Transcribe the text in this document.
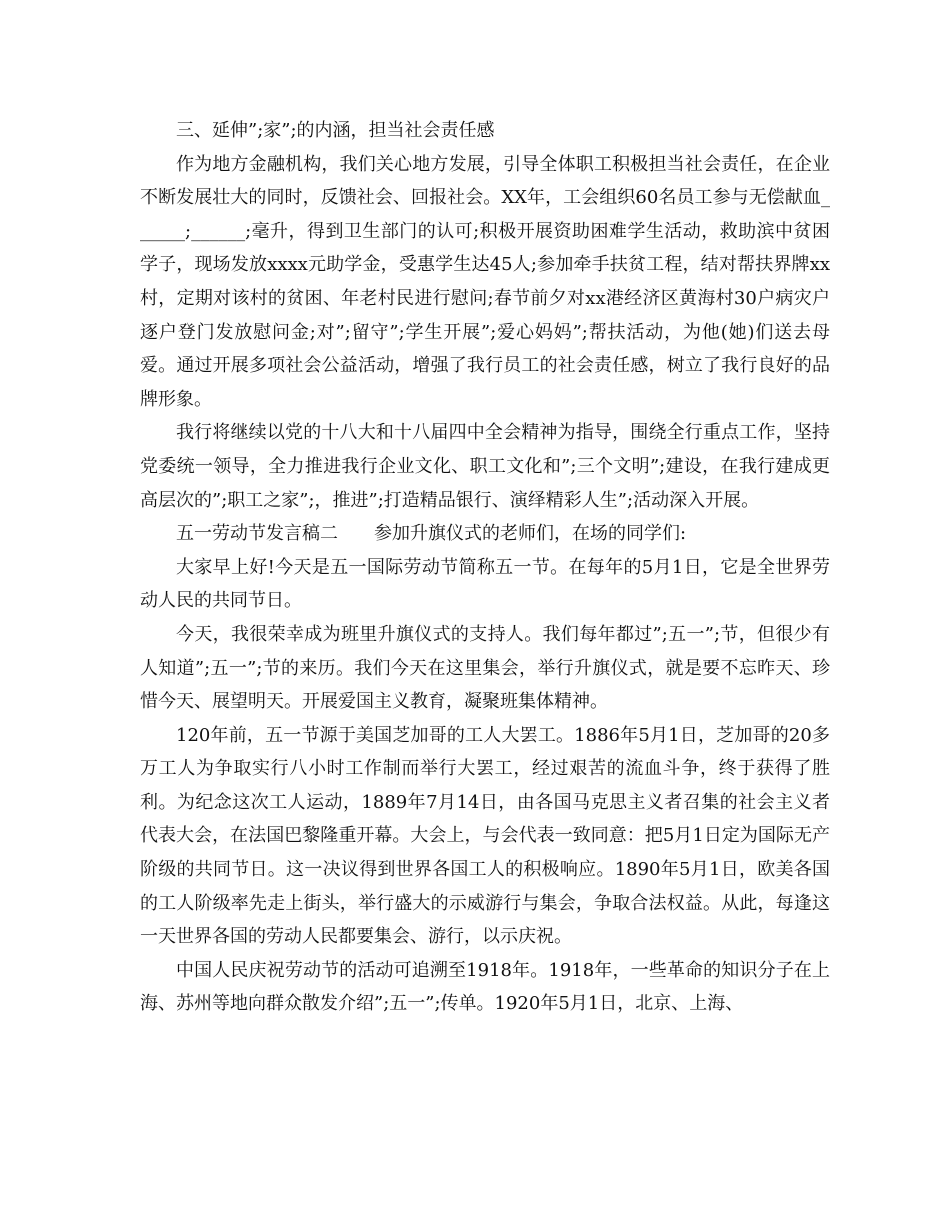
三、延伸”;家”;的内涵，担当社会责任感

作为地方金融机构，我们关心地方发展，引导全体职工积极担当社会责任，在企业不断发展壮大的同时，反馈社会、回报社会。XX年，工会组织60名员工参与无偿献血______;______;毫升，得到卫生部门的认可;积极开展资助困难学生活动，救助滨中贫困学子，现场发放xxxx元助学金，受惠学生达45人;参加牵手扶贫工程，结对帮扶界牌xx村，定期对该村的贫困、年老村民进行慰问;春节前夕对xx港经济区黄海村30户病灾户逐户登门发放慰问金;对”;留守”;学生开展”;爱心妈妈”;帮扶活动，为他(她)们送去母爱。通过开展多项社会公益活动，增强了我行员工的社会责任感，树立了我行良好的品牌形象。

我行将继续以党的十八大和十八届四中全会精神为指导，围绕全行重点工作，坚持党委统一领导，全力推进我行企业文化、职工文化和”;三个文明”;建设，在我行建成更高层次的”;职工之家”;，推进”;打造精品银行、演绎精彩人生”;活动深入开展。

五一劳动节发言稿二 参加升旗仪式的老师们，在场的同学们:

大家早上好!今天是五一国际劳动节简称五一节。在每年的5月1日，它是全世界劳动人民的共同节日。

今天，我很荣幸成为班里升旗仪式的支持人。我们每年都过”;五一”;节，但很少有人知道”;五一”;节的来历。我们今天在这里集会，举行升旗仪式，就是要不忘昨天、珍惜今天、展望明天。开展爱国主义教育，凝聚班集体精神。

120年前，五一节源于美国芝加哥的工人大罢工。1886年5月1日，芝加哥的20多万工人为争取实行八小时工作制而举行大罢工，经过艰苦的流血斗争，终于获得了胜利。为纪念这次工人运动，1889年7月14日，由各国马克思主义者召集的社会主义者代表大会，在法国巴黎隆重开幕。大会上，与会代表一致同意：把5月1日定为国际无产阶级的共同节日。这一决议得到世界各国工人的积极响应。1890年5月1日，欧美各国的工人阶级率先走上街头，举行盛大的示威游行与集会，争取合法权益。从此，每逢这一天世界各国的劳动人民都要集会、游行，以示庆祝。

中国人民庆祝劳动节的活动可追溯至1918年。1918年，一些革命的知识分子在上海、苏州等地向群众散发介绍”;五一”;传单。1920年5月1日，北京、上海、
